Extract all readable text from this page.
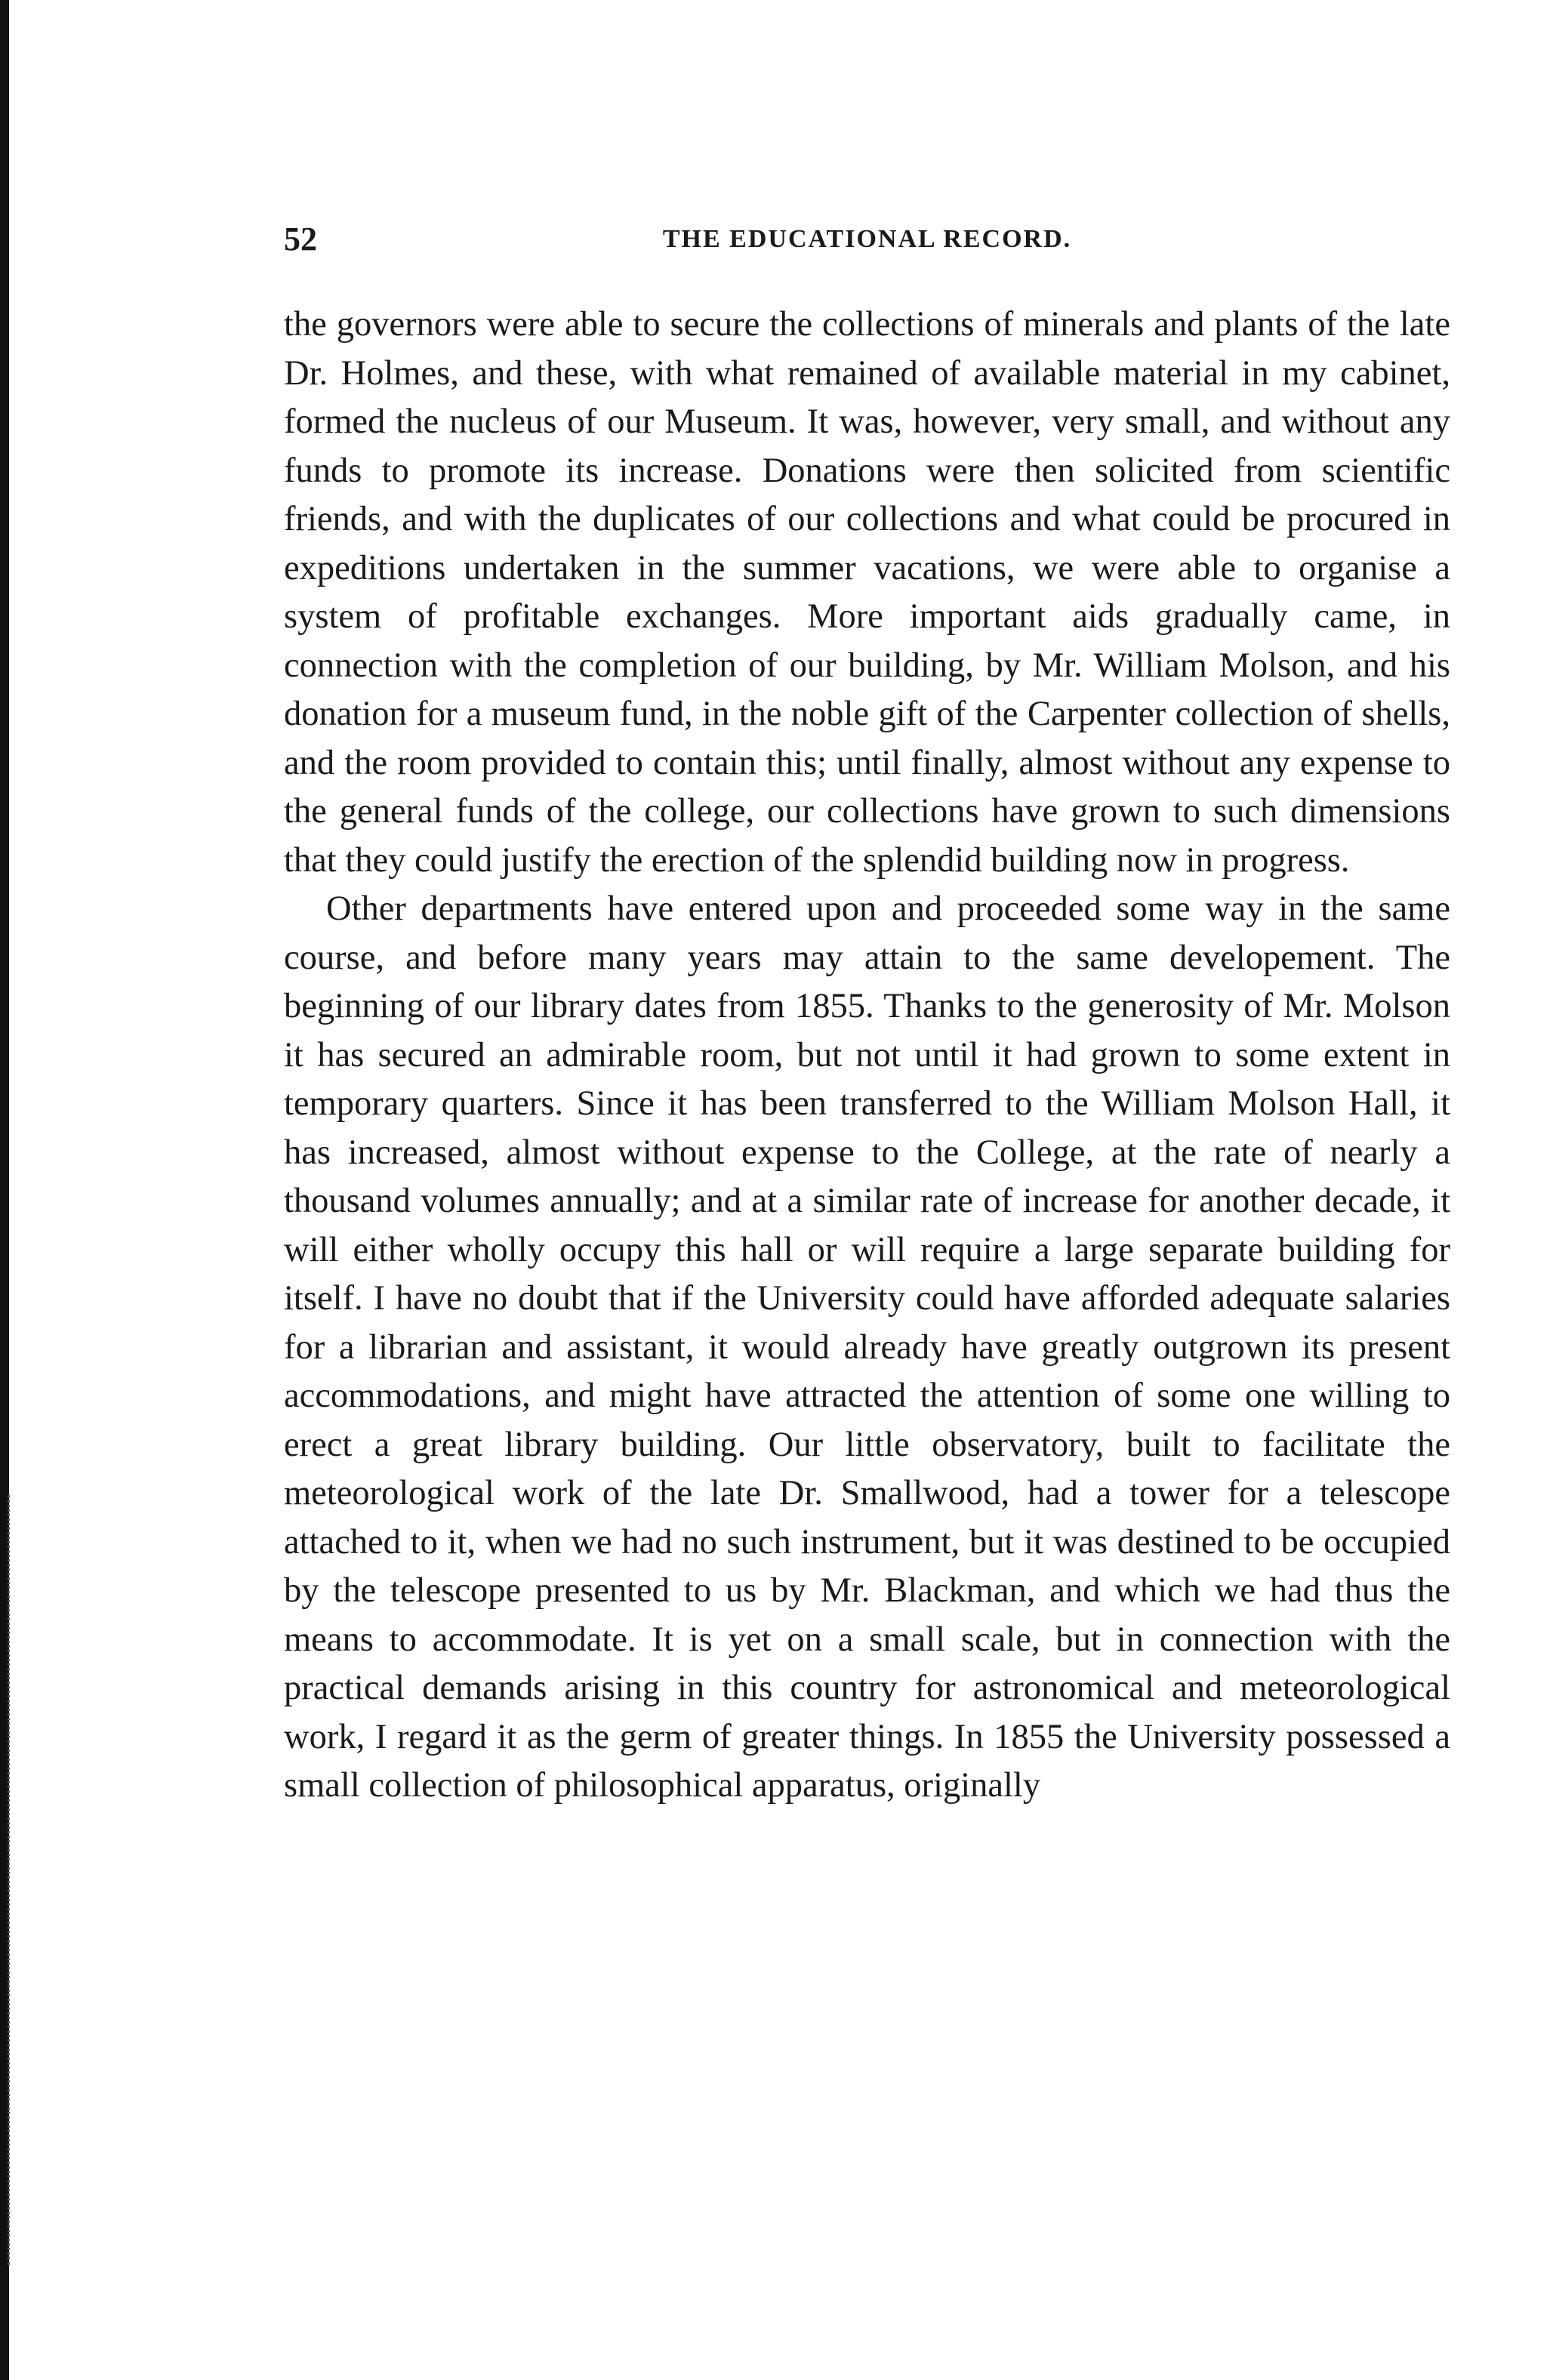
52	THE EDUCATIONAL RECORD.

the governors were able to secure the collections of minerals and plants of the late Dr. Holmes, and these, with what remained of available material in my cabinet, formed the nucleus of our Museum. It was, however, very small, and without any funds to promote its increase. Donations were then solicited from scientific friends, and with the duplicates of our collections and what could be procured in expeditions undertaken in the summer vacations, we were able to organise a system of profitable exchanges. More important aids gradually came, in connection with the completion of our building, by Mr. William Molson, and his donation for a museum fund, in the noble gift of the Carpenter collection of shells, and the room provided to contain this; until finally, almost without any expense to the general funds of the college, our collections have grown to such dimensions that they could justify the erection of the splendid building now in progress.

Other departments have entered upon and proceeded some way in the same course, and before many years may attain to the same developement. The beginning of our library dates from 1855. Thanks to the generosity of Mr. Molson it has secured an admirable room, but not until it had grown to some extent in temporary quarters. Since it has been transferred to the William Molson Hall, it has increased, almost without expense to the College, at the rate of nearly a thousand volumes annually; and at a similar rate of increase for another decade, it will either wholly occupy this hall or will require a large separate building for itself. I have no doubt that if the University could have afforded adequate salaries for a librarian and assistant, it would already have greatly outgrown its present accommodations, and might have attracted the attention of some one willing to erect a great library building. Our little observatory, built to facilitate the meteorological work of the late Dr. Smallwood, had a tower for a telescope attached to it, when we had no such instrument, but it was destined to be occupied by the telescope presented to us by Mr. Blackman, and which we had thus the means to accommodate. It is yet on a small scale, but in connection with the practical demands arising in this country for astronomical and meteorological work, I regard it as the germ of greater things. In 1855 the University possessed a small collection of philosophical apparatus, originally
